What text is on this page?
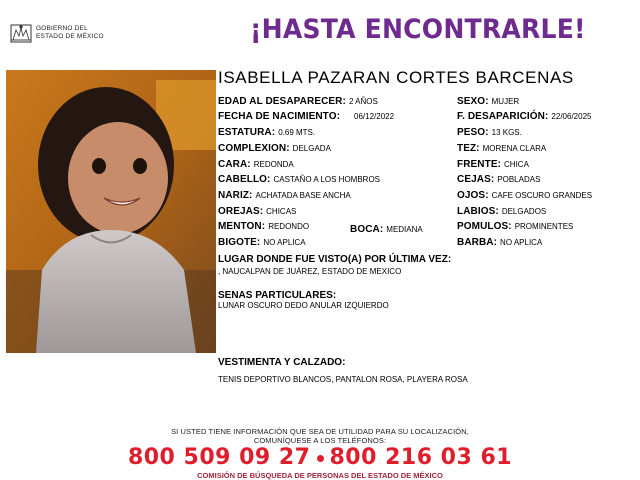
GOBIERNO DEL
ESTADO DE MÉXICO	¡HASTA ENCONTRARLE!
ISABELLA PAZARAN CORTES BARCENAS
EDAD AL DESAPARECER: 2 AÑOS
FECHA DE NACIMIENTO: 06/12/2022
ESTATURA: 0.69 MTS.
COMPLEXION: DELGADA
CARA: REDONDA
CABELLO: CASTAÑO A LOS HOMBROS
NARIZ: ACHATADA BASE ANCHA
OREJAS: CHICAS
MENTON: REDONDO	BOCA: MEDIANA
BIGOTE: NO APLICA
SEXO: MUJER
F. DESAPARICIÓN: 22/06/2025
PESO: 13 KGS.
TEZ: MORENA CLARA
FRENTE: CHICA
CEJAS: POBLADAS
OJOS: CAFE OSCURO GRANDES
LABIOS: DELGADOS
POMULOS: PROMINENTES
BARBA: NO APLICA
LUGAR DONDE FUE VISTO(A) POR ÚLTIMA VEZ:
, NAUCALPAN DE JUÁREZ, ESTADO DE MEXICO
SENAS PARTICULARES:
LUNAR OSCURO DEDO ANULAR IZQUIERDO
VESTIMENTA Y CALZADO:
TENIS DEPORTIVO BLANCOS, PANTALON ROSA, PLAYERA ROSA
SI USTED TIENE INFORMACIÓN QUE SEA DE UTILIDAD PARA SU LOCALIZACIÓN,
COMUNÍQUESE A LOS TELÉFONOS:
800 509 09 27 800 216 03 61
COMISIÓN DE BÚSQUEDA DE PERSONAS DEL ESTADO DE MÉXICO
